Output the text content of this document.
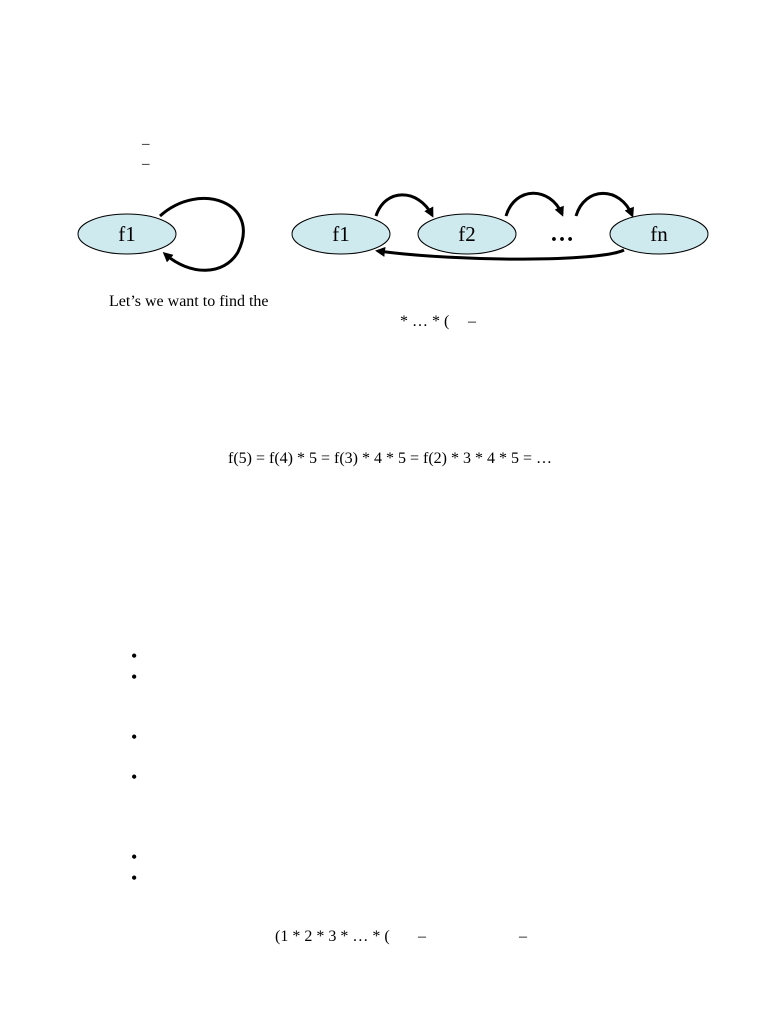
–
–
f1	f1	f2	…	fn
Let’s we want to find the
* … * ( –
f(5) = f(4) * 5 = f(3) * 4 * 5 = f(2) * 3 * 4 * 5 = …
•
•
•
•
•
•
(1 * 2 * 3 * … * ( –	–
